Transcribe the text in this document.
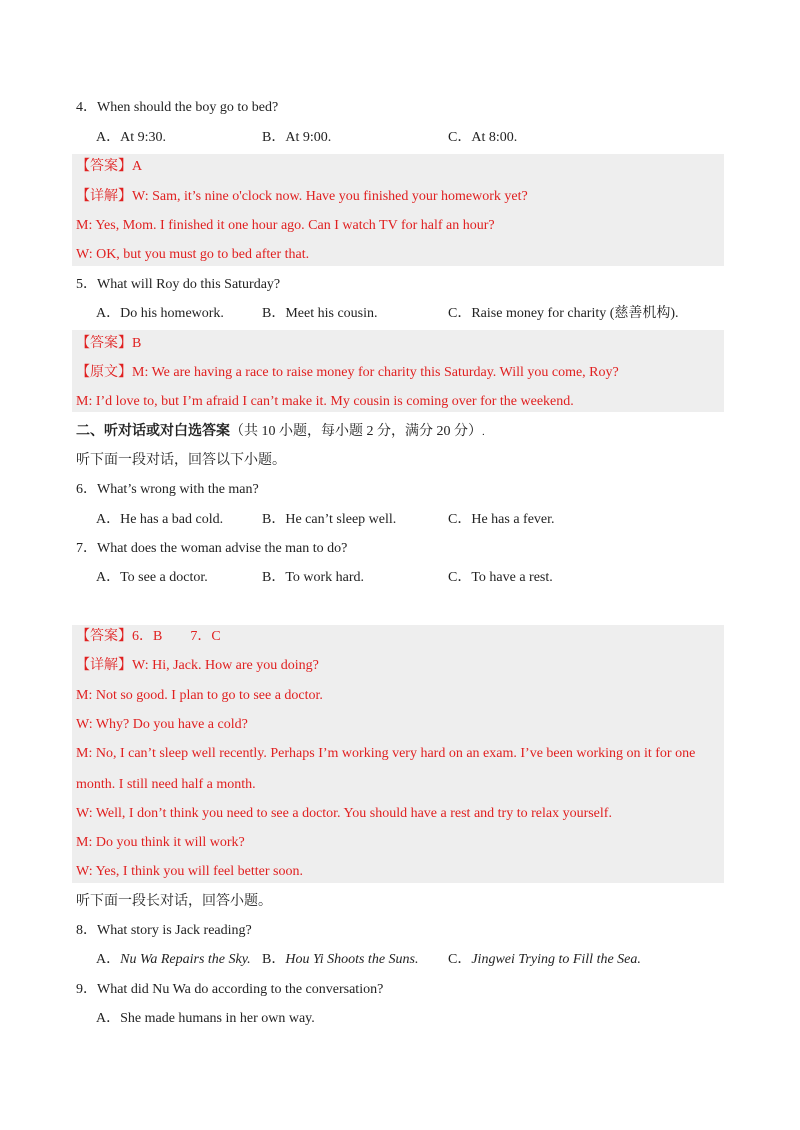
4．When should the boy go to bed?
A．At 9:30.	B．At 9:00.	C．At 8:00.
【答案】A
【详解】W: Sam, it’s nine o'clock now. Have you finished your homework yet?
M: Yes, Mom. I finished it one hour ago. Can I watch TV for half an hour?
W: OK, but you must go to bed after that.
5．What will Roy do this Saturday?
A．Do his homework.	B．Meet his cousin.	C．Raise money for charity (慈善机构).
【答案】B
【原文】M: We are having a race to raise money for charity this Saturday. Will you come, Roy?
M: I’d love to, but I’m afraid I can’t make it. My cousin is coming over for the weekend.
二、听对话或对白选答案（共 10 小题，每小题 2 分，满分 20 分）.
听下面一段对话，回答以下小题。
6．What’s wrong with the man?
A．He has a bad cold.	B．He can’t sleep well.	C．He has a fever.
7．What does the woman advise the man to do?
A．To see a doctor.	B．To work hard.	C．To have a rest.
【答案】6．B　　7．C
【详解】W: Hi, Jack. How are you doing?
M: Not so good. I plan to go to see a doctor.
W: Why? Do you have a cold?
M: No, I can’t sleep well recently. Perhaps I’m working very hard on an exam. I’ve been working on it for one
month. I still need half a month.
W: Well, I don’t think you need to see a doctor. You should have a rest and try to relax yourself.
M: Do you think it will work?
W: Yes, I think you will feel better soon.
听下面一段长对话，回答小题。
8．What story is Jack reading?
A．Nu Wa Repairs the Sky. B．Hou Yi Shoots the Suns. C．Jingwei Trying to Fill the Sea.
9．What did Nu Wa do according to the conversation?
A．She made humans in her own way.
